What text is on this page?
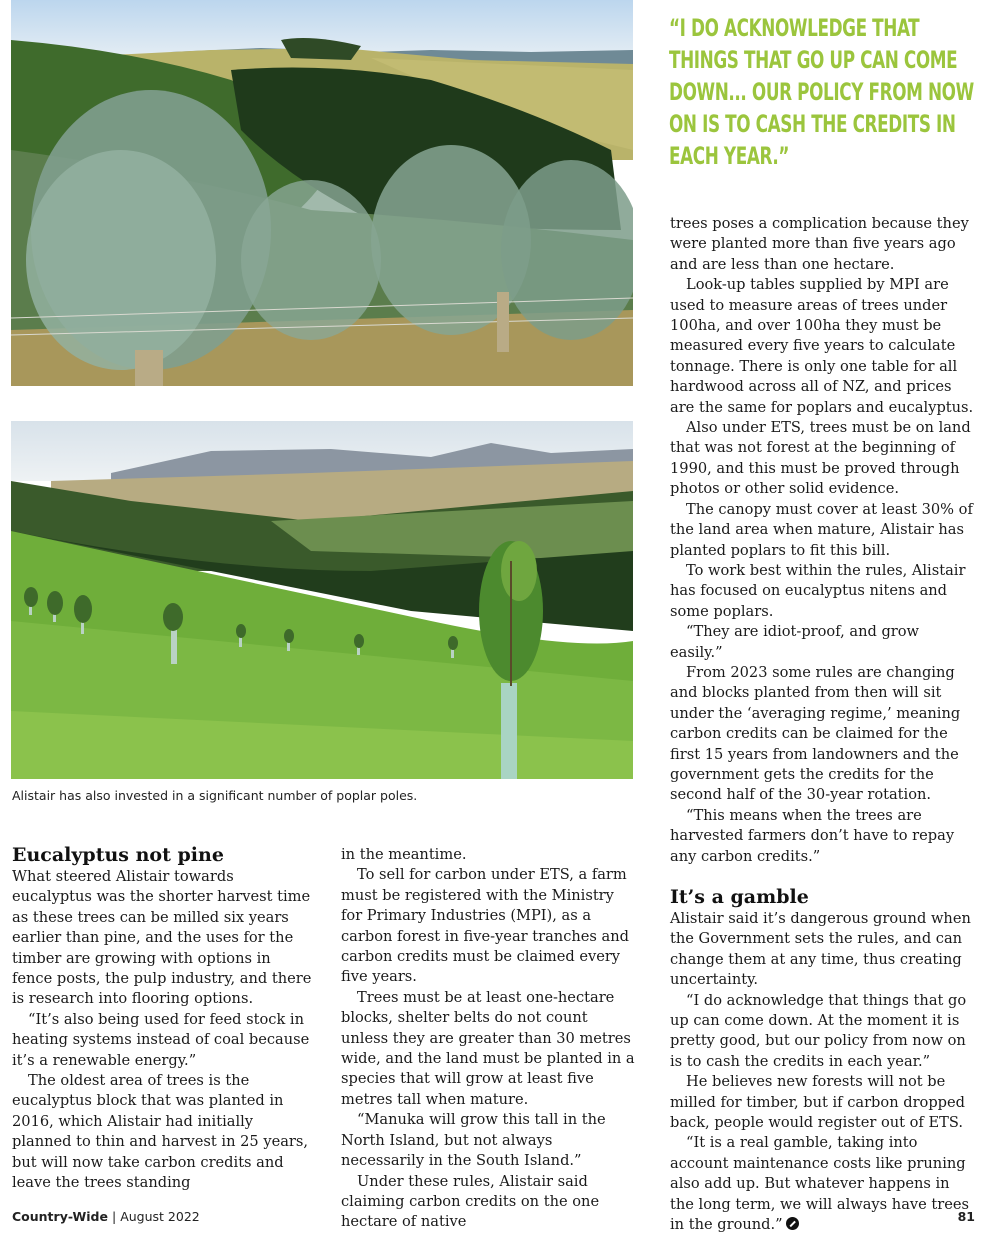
Alistair has also invested in a significant number of poplar poles.

“I DO ACKNOWLEDGE THAT THINGS THAT GO UP CAN COME DOWN... OUR POLICY FROM NOW ON IS TO CASH THE CREDITS IN EACH YEAR.”

Eucalyptus not pine

What steered Alistair towards eucalyptus was the shorter harvest time as these trees can be milled six years earlier than pine, and the uses for the timber are growing with options in fence posts, the pulp industry, and there is research into flooring options.

“It’s also being used for feed stock in heating systems instead of coal because it’s a renewable energy.”

The oldest area of trees is the eucalyptus block that was planted in 2016, which Alistair had initially planned to thin and harvest in 25 years, but will now take carbon credits and leave the trees standing

in the meantime.

To sell for carbon under ETS, a farm must be registered with the Ministry for Primary Industries (MPI), as a carbon forest in five-year tranches and carbon credits must be claimed every five years.

Trees must be at least one-hectare blocks, shelter belts do not count unless they are greater than 30 metres wide, and the land must be planted in a species that will grow at least five metres tall when mature.

“Manuka will grow this tall in the North Island, but not always necessarily in the South Island.”

Under these rules, Alistair said claiming carbon credits on the one hectare of native

trees poses a complication because they were planted more than five years ago and are less than one hectare.

Look-up tables supplied by MPI are used to measure areas of trees under 100ha, and over 100ha they must be measured every five years to calculate tonnage. There is only one table for all hardwood across all of NZ, and prices are the same for poplars and eucalyptus.

Also under ETS, trees must be on land that was not forest at the beginning of 1990, and this must be proved through photos or other solid evidence.

The canopy must cover at least 30% of the land area when mature, Alistair has planted poplars to fit this bill.

To work best within the rules, Alistair has focused on eucalyptus nitens and some poplars.

“They are idiot-proof, and grow easily.”

From 2023 some rules are changing and blocks planted from then will sit under the ‘averaging regime,’ meaning carbon credits can be claimed for the first 15 years from landowners and the government gets the credits for the second half of the 30-year rotation.

“This means when the trees are harvested farmers don’t have to repay any carbon credits.”

It’s a gamble

Alistair said it’s dangerous ground when the Government sets the rules, and can change them at any time, thus creating uncertainty.

“I do acknowledge that things that go up can come down. At the moment it is pretty good, but our policy from now on is to cash the credits in each year.”

He believes new forests will not be milled for timber, but if carbon dropped back, people would register out of ETS.

“It is a real gamble, taking into account maintenance costs like pruning also add up. But whatever happens in the long term, we will always have trees in the ground.”

Country-Wide | August 2022	81
